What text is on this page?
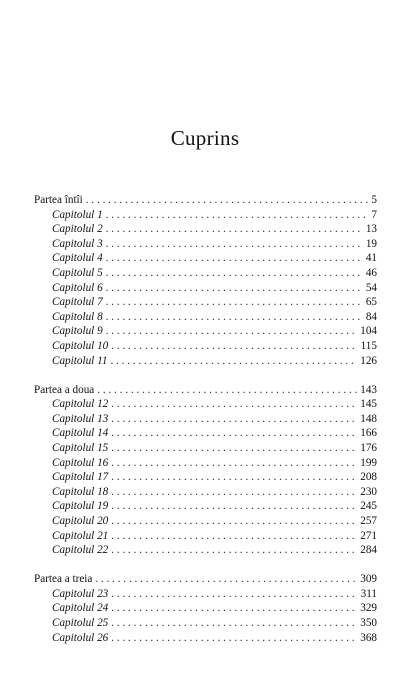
Cuprins
Partea întîi . . .	5
Capitolul 1 . . .	7
Capitolul 2 . . .	13
Capitolul 3 . . .	19
Capitolul 4 . . .	41
Capitolul 5 . . .	46
Capitolul 6 . . .	54
Capitolul 7 . . .	65
Capitolul 8 . . .	84
Capitolul 9 . . .	104
Capitolul 10 . . .	115
Capitolul 11 . . .	126
Partea a doua . . .	143
Capitolul 12 . . .	145
Capitolul 13 . . .	148
Capitolul 14 . . .	166
Capitolul 15 . . .	176
Capitolul 16 . . .	199
Capitolul 17 . . .	208
Capitolul 18 . . .	230
Capitolul 19 . . .	245
Capitolul 20 . . .	257
Capitolul 21 . . .	271
Capitolul 22 . . .	284
Partea a treia . . .	309
Capitolul 23 . . .	311
Capitolul 24 . . .	329
Capitolul 25 . . .	350
Capitolul 26 . . .	368
